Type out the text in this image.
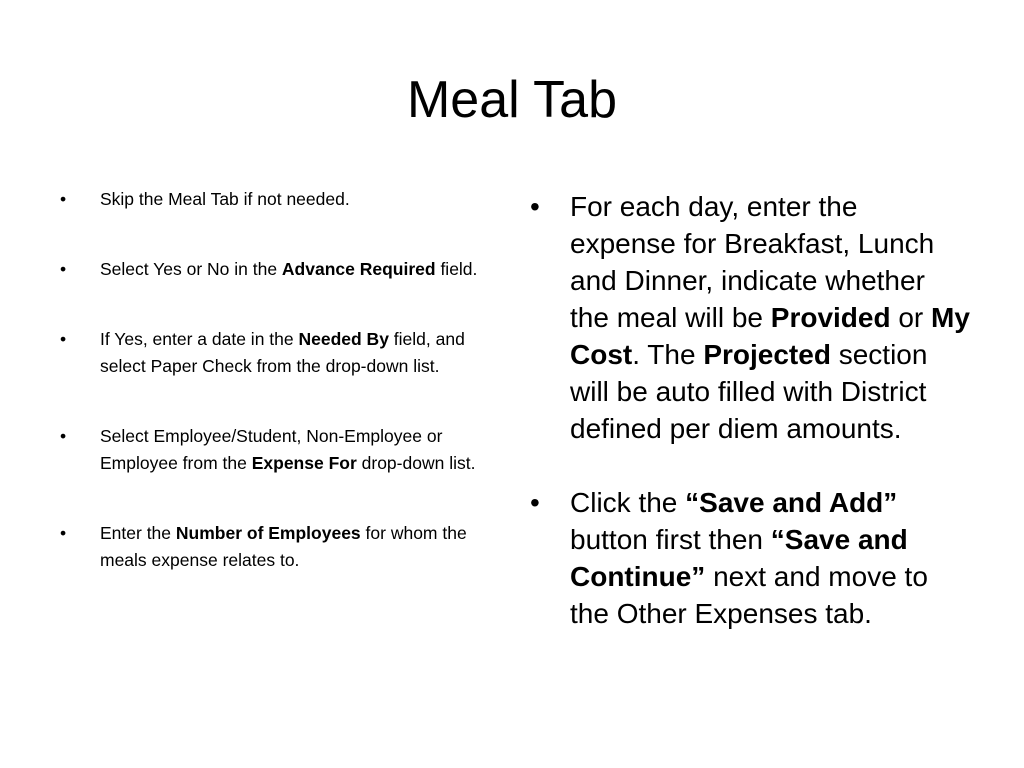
Meal Tab
• Skip the Meal Tab if not needed.
• Select Yes or No in the Advance Required field.
• If Yes, enter a date in the Needed By field, and select Paper Check from the drop-down list.
• Select Employee/Student, Non-Employee or Employee from the Expense For drop-down list.
• Enter the Number of Employees for whom the meals expense relates to.
• For each day, enter the expense for Breakfast, Lunch and Dinner, indicate whether the meal will be Provided or My Cost. The Projected section will be auto filled with District defined per diem amounts.
• Click the “Save and Add” button first then “Save and Continue” next and move to the Other Expenses tab.
